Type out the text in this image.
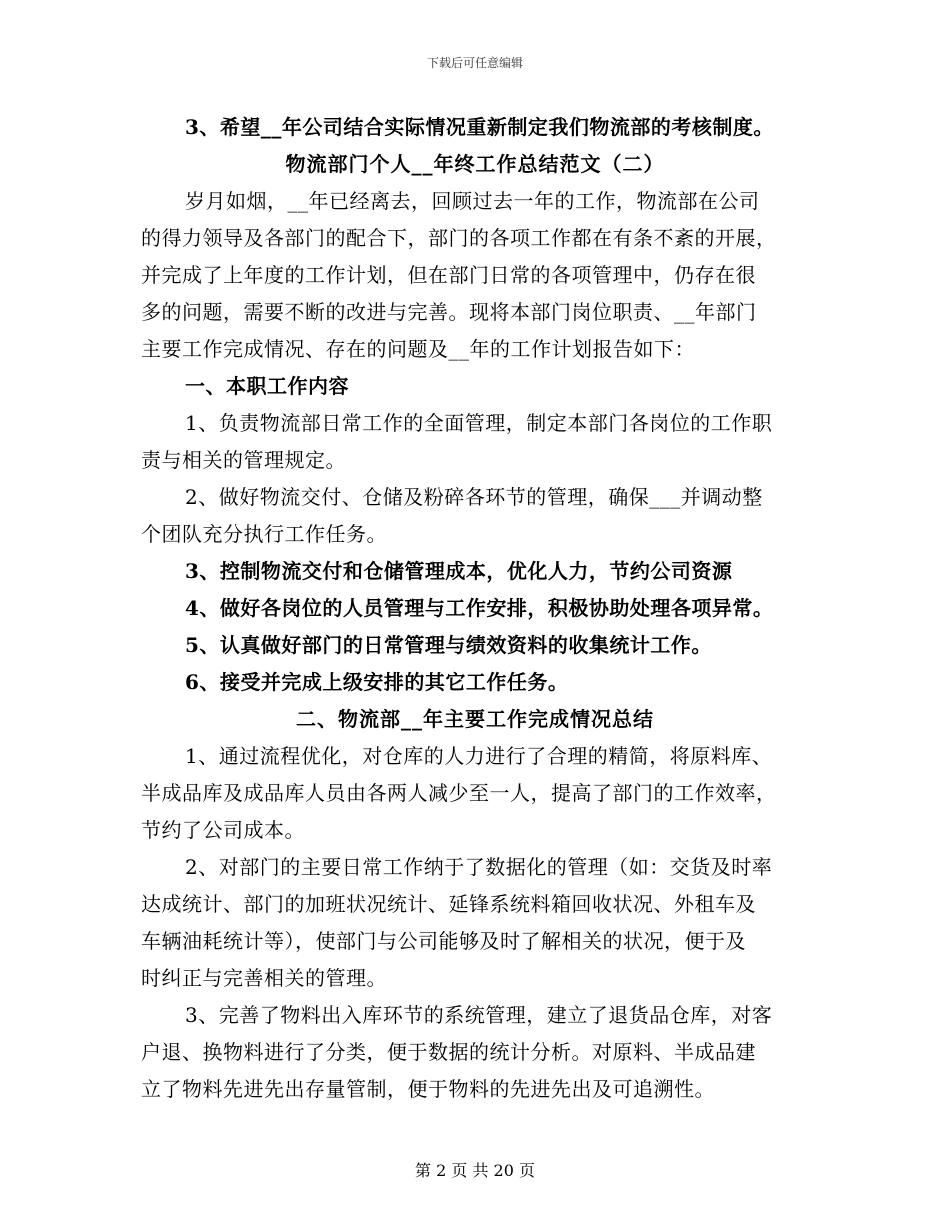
下载后可任意编辑
3、希望__年公司结合实际情况重新制定我们物流部的考核制度。
物流部门个人__年终工作总结范文（二）
岁月如烟，__年已经离去，回顾过去一年的工作，物流部在公司
的得力领导及各部门的配合下，部门的各项工作都在有条不紊的开展，
并完成了上年度的工作计划，但在部门日常的各项管理中，仍存在很
多的问题，需要不断的改进与完善。现将本部门岗位职责、__年部门
主要工作完成情况、存在的问题及__年的工作计划报告如下：
一、本职工作内容
1、负责物流部日常工作的全面管理，制定本部门各岗位的工作职
责与相关的管理规定。
2、做好物流交付、仓储及粉碎各环节的管理，确保___并调动整
个团队充分执行工作任务。
3、控制物流交付和仓储管理成本，优化人力，节约公司资源
4、做好各岗位的人员管理与工作安排，积极协助处理各项异常。
5、认真做好部门的日常管理与绩效资料的收集统计工作。
6、接受并完成上级安排的其它工作任务。
二、物流部__年主要工作完成情况总结
1、通过流程优化，对仓库的人力进行了合理的精简，将原料库、
半成品库及成品库人员由各两人减少至一人，提高了部门的工作效率，
节约了公司成本。
2、对部门的主要日常工作纳于了数据化的管理（如：交货及时率
达成统计、部门的加班状况统计、延锋系统料箱回收状况、外租车及
车辆油耗统计等），使部门与公司能够及时了解相关的状况，便于及
时纠正与完善相关的管理。
3、完善了物料出入库环节的系统管理，建立了退货品仓库，对客
户退、换物料进行了分类，便于数据的统计分析。对原料、半成品建
立了物料先进先出存量管制，便于物料的先进先出及可追溯性。
第 2 页 共 20 页
